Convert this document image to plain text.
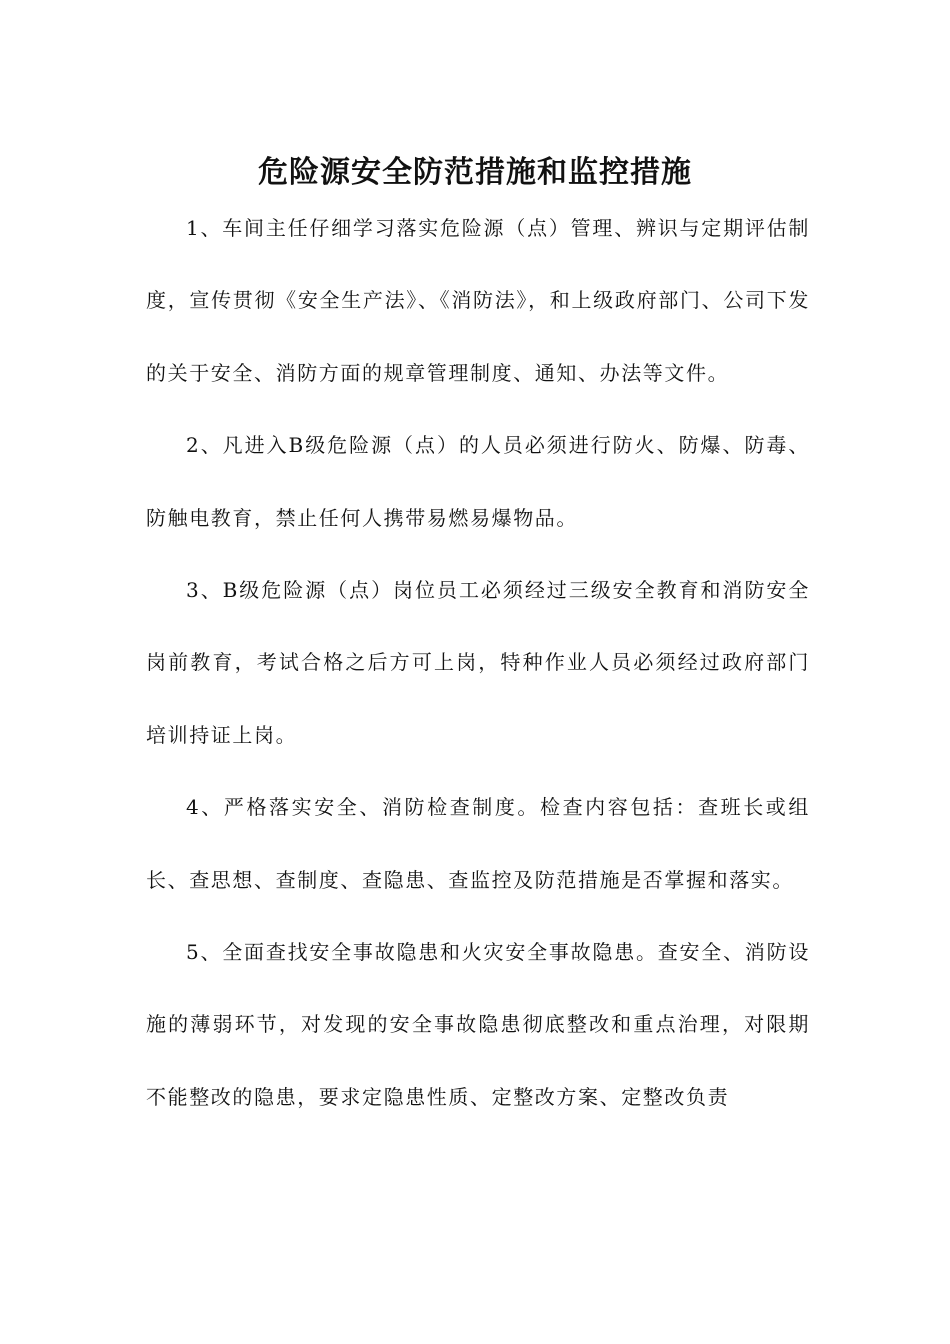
危险源安全防范措施和监控措施

1、车间主任仔细学习落实危险源（点）管理、辨识与定期评估制度，宣传贯彻《安全生产法》、《消防法》，和上级政府部门、公司下发的关于安全、消防方面的规章管理制度、通知、办法等文件。

2、凡进入B级危险源（点）的人员必须进行防火、防爆、防毒、防触电教育，禁止任何人携带易燃易爆物品。

3、B级危险源（点）岗位员工必须经过三级安全教育和消防安全岗前教育，考试合格之后方可上岗，特种作业人员必须经过政府部门培训持证上岗。

4、严格落实安全、消防检查制度。检查内容包括：查班长或组长、查思想、查制度、查隐患、查监控及防范措施是否掌握和落实。

5、全面查找安全事故隐患和火灾安全事故隐患。查安全、消防设施的薄弱环节，对发现的安全事故隐患彻底整改和重点治理，对限期不能整改的隐患，要求定隐患性质、定整改方案、定整改负责
